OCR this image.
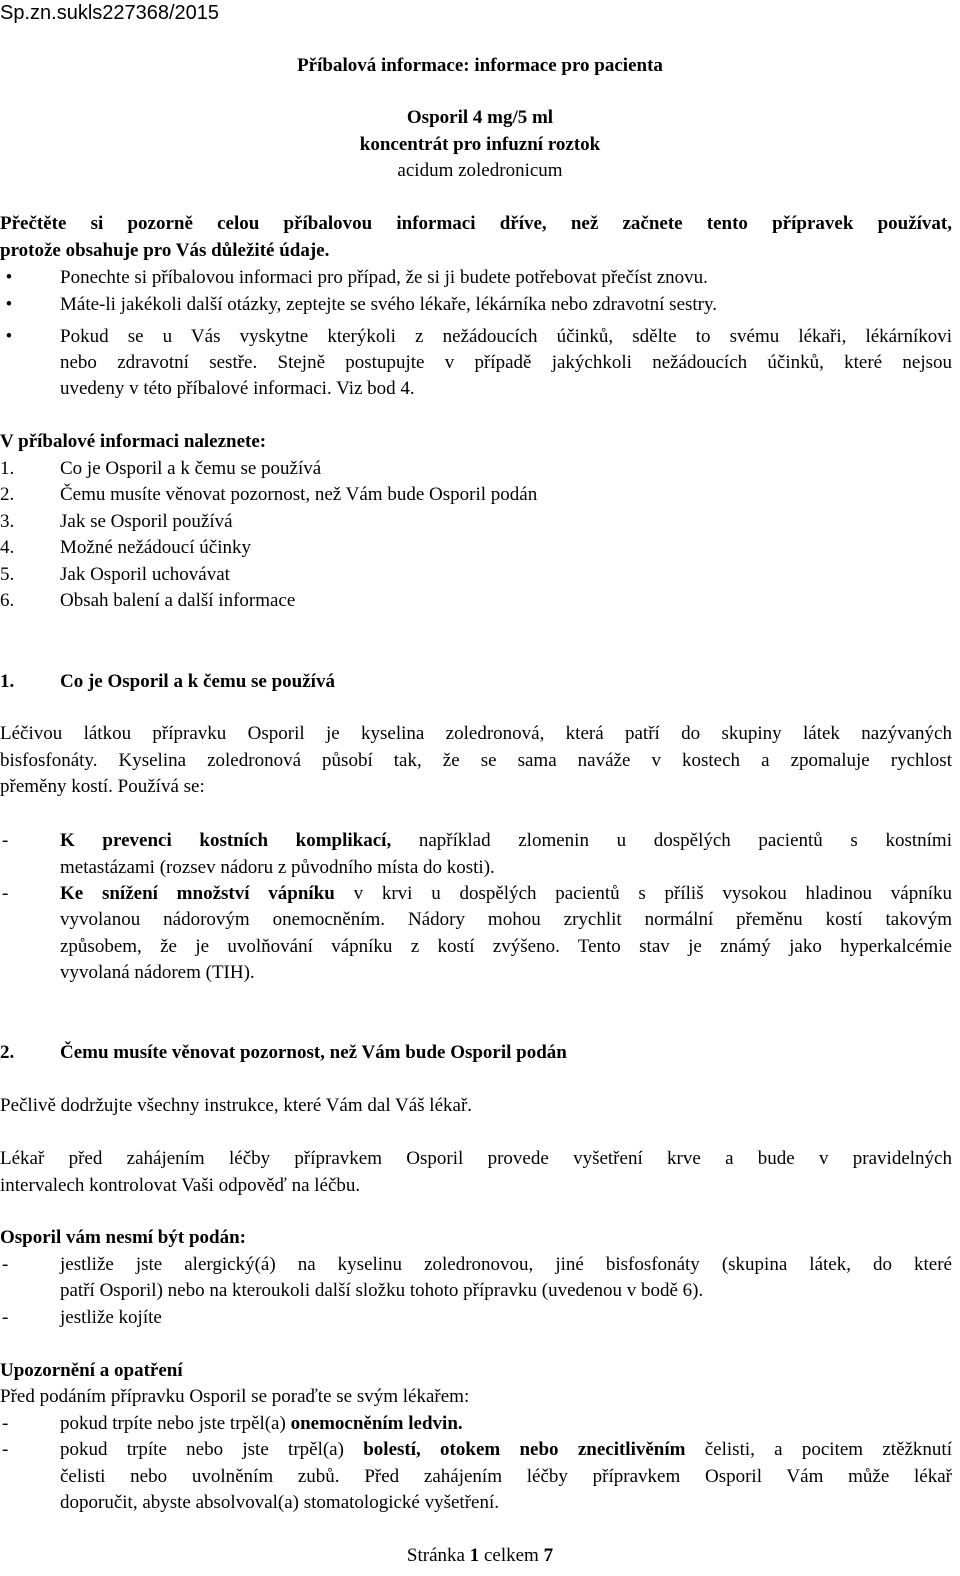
Sp.zn.sukls227368/2015
Příbalová informace: informace pro pacienta
Osporil 4 mg/5 ml
koncentrát pro infuzní roztok
acidum zoledronicum
Přečtěte si pozorně celou příbalovou informaci dříve, než začnete tento přípravek používat,
protože obsahuje pro Vás důležité údaje.
•	Ponechte si příbalovou informaci pro případ, že si ji budete potřebovat přečíst znovu.
•	Máte-li jakékoli další otázky, zeptejte se svého lékaře, lékárníka nebo zdravotní sestry.
•	Pokud se u Vás vyskytne kterýkoli z nežádoucích účinků, sdělte to svému lékaři, lékárníkovi
nebo zdravotní sestře. Stejně postupujte v případě jakýchkoli nežádoucích účinků, které nejsou
uvedeny v této příbalové informaci. Viz bod 4.
V příbalové informaci naleznete:
1.	Co je Osporil a k čemu se používá
2.	Čemu musíte věnovat pozornost, než Vám bude Osporil podán
3.	Jak se Osporil používá
4.	Možné nežádoucí účinky
5.	Jak Osporil uchovávat
6.	Obsah balení a další informace
1.	Co je Osporil a k čemu se používá
Léčivou látkou přípravku Osporil je kyselina zoledronová, která patří do skupiny látek nazývaných
bisfosfonáty. Kyselina zoledronová působí tak, že se sama naváže v kostech a zpomaluje rychlost
přeměny kostí. Používá se:
-	K prevenci kostních komplikací, například zlomenin u dospělých pacientů s kostními
metastázami (rozsev nádoru z původního místa do kosti).
-	Ke snížení množství vápníku v krvi u dospělých pacientů s příliš vysokou hladinou vápníku
vyvolanou nádorovým onemocněním. Nádory mohou zrychlit normální přeměnu kostí takovým
způsobem, že je uvolňování vápníku z kostí zvýšeno. Tento stav je známý jako hyperkalcémie
vyvolaná nádorem (TIH).
2.	Čemu musíte věnovat pozornost, než Vám bude Osporil podán
Pečlivě dodržujte všechny instrukce, které Vám dal Váš lékař.
Lékař před zahájením léčby přípravkem Osporil provede vyšetření krve a bude v pravidelných
intervalech kontrolovat Vaši odpověď na léčbu.
Osporil vám nesmí být podán:
-	jestliže jste alergický(á) na kyselinu zoledronovou, jiné bisfosfonáty (skupina látek, do které
patří Osporil) nebo na kteroukoli další složku tohoto přípravku (uvedenou v bodě 6).
-	jestliže kojíte
Upozornění a opatření
Před podáním přípravku Osporil se poraďte se svým lékařem:
-	pokud trpíte nebo jste trpěl(a) onemocněním ledvin.
-	pokud trpíte nebo jste trpěl(a) bolestí, otokem nebo znecitlivěním čelisti, a pocitem ztěžknutí
čelisti nebo uvolněním zubů. Před zahájením léčby přípravkem Osporil Vám může lékař
doporučit, abyste absolvoval(a) stomatologické vyšetření.
Stránka 1 celkem 7
